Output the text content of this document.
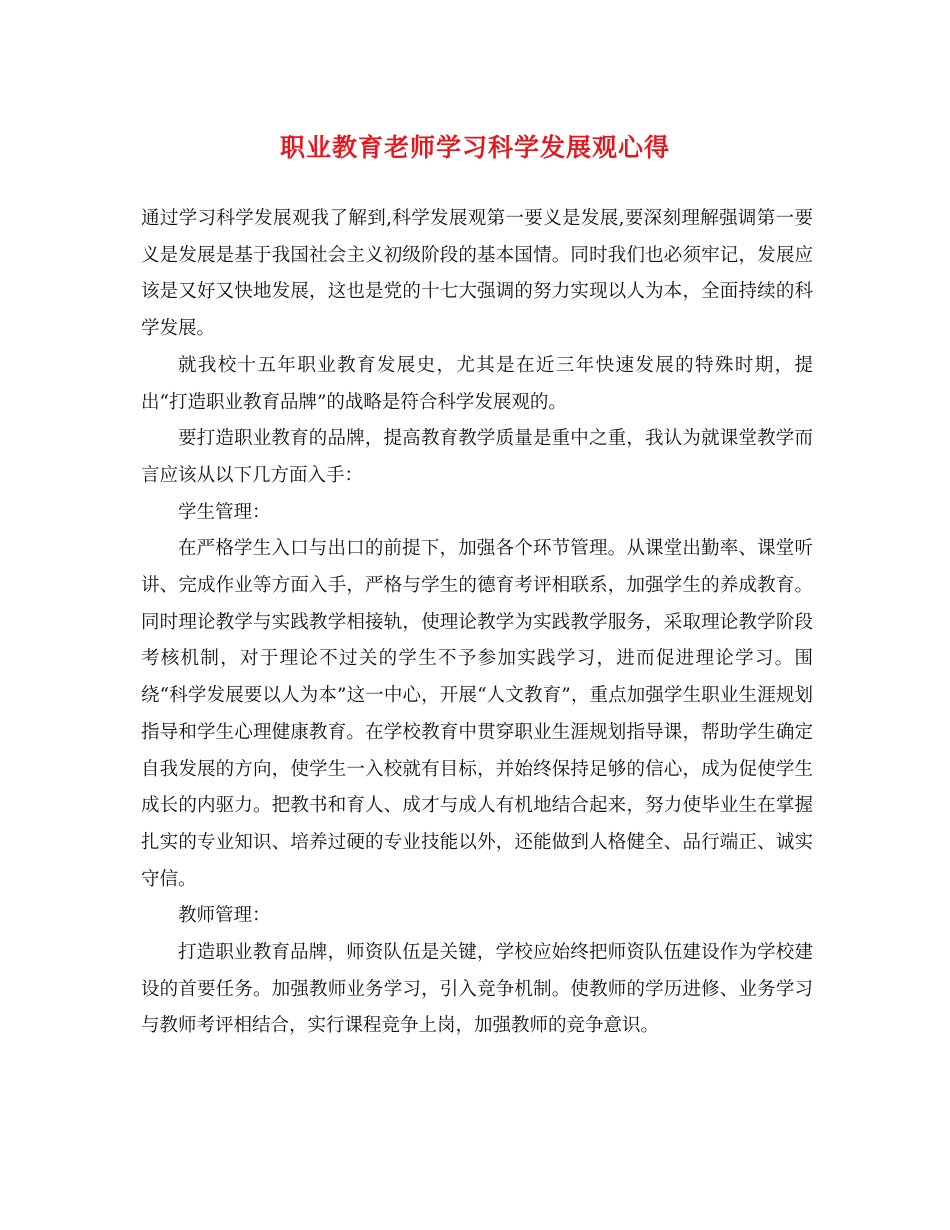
职业教育老师学习科学发展观心得

通过学习科学发展观我了解到,科学发展观第一要义是发展,要深刻理解强调第一要义是发展是基于我国社会主义初级阶段的基本国情。同时我们也必须牢记，发展应该是又好又快地发展，这也是党的十七大强调的努力实现以人为本，全面持续的科学发展。

就我校十五年职业教育发展史，尤其是在近三年快速发展的特殊时期，提出“打造职业教育品牌”的战略是符合科学发展观的。

要打造职业教育的品牌，提高教育教学质量是重中之重，我认为就课堂教学而言应该从以下几方面入手：

学生管理：

在严格学生入口与出口的前提下，加强各个环节管理。从课堂出勤率、课堂听讲、完成作业等方面入手，严格与学生的德育考评相联系，加强学生的养成教育。同时理论教学与实践教学相接轨，使理论教学为实践教学服务，采取理论教学阶段考核机制，对于理论不过关的学生不予参加实践学习，进而促进理论学习。围绕“科学发展要以人为本”这一中心，开展“人文教育”，重点加强学生职业生涯规划指导和学生心理健康教育。在学校教育中贯穿职业生涯规划指导课，帮助学生确定自我发展的方向，使学生一入校就有目标，并始终保持足够的信心，成为促使学生成长的内驱力。把教书和育人、成才与成人有机地结合起来，努力使毕业生在掌握扎实的专业知识、培养过硬的专业技能以外，还能做到人格健全、品行端正、诚实守信。

教师管理：

打造职业教育品牌，师资队伍是关键，学校应始终把师资队伍建设作为学校建设的首要任务。加强教师业务学习，引入竞争机制。使教师的学历进修、业务学习与教师考评相结合，实行课程竞争上岗，加强教师的竞争意识。
